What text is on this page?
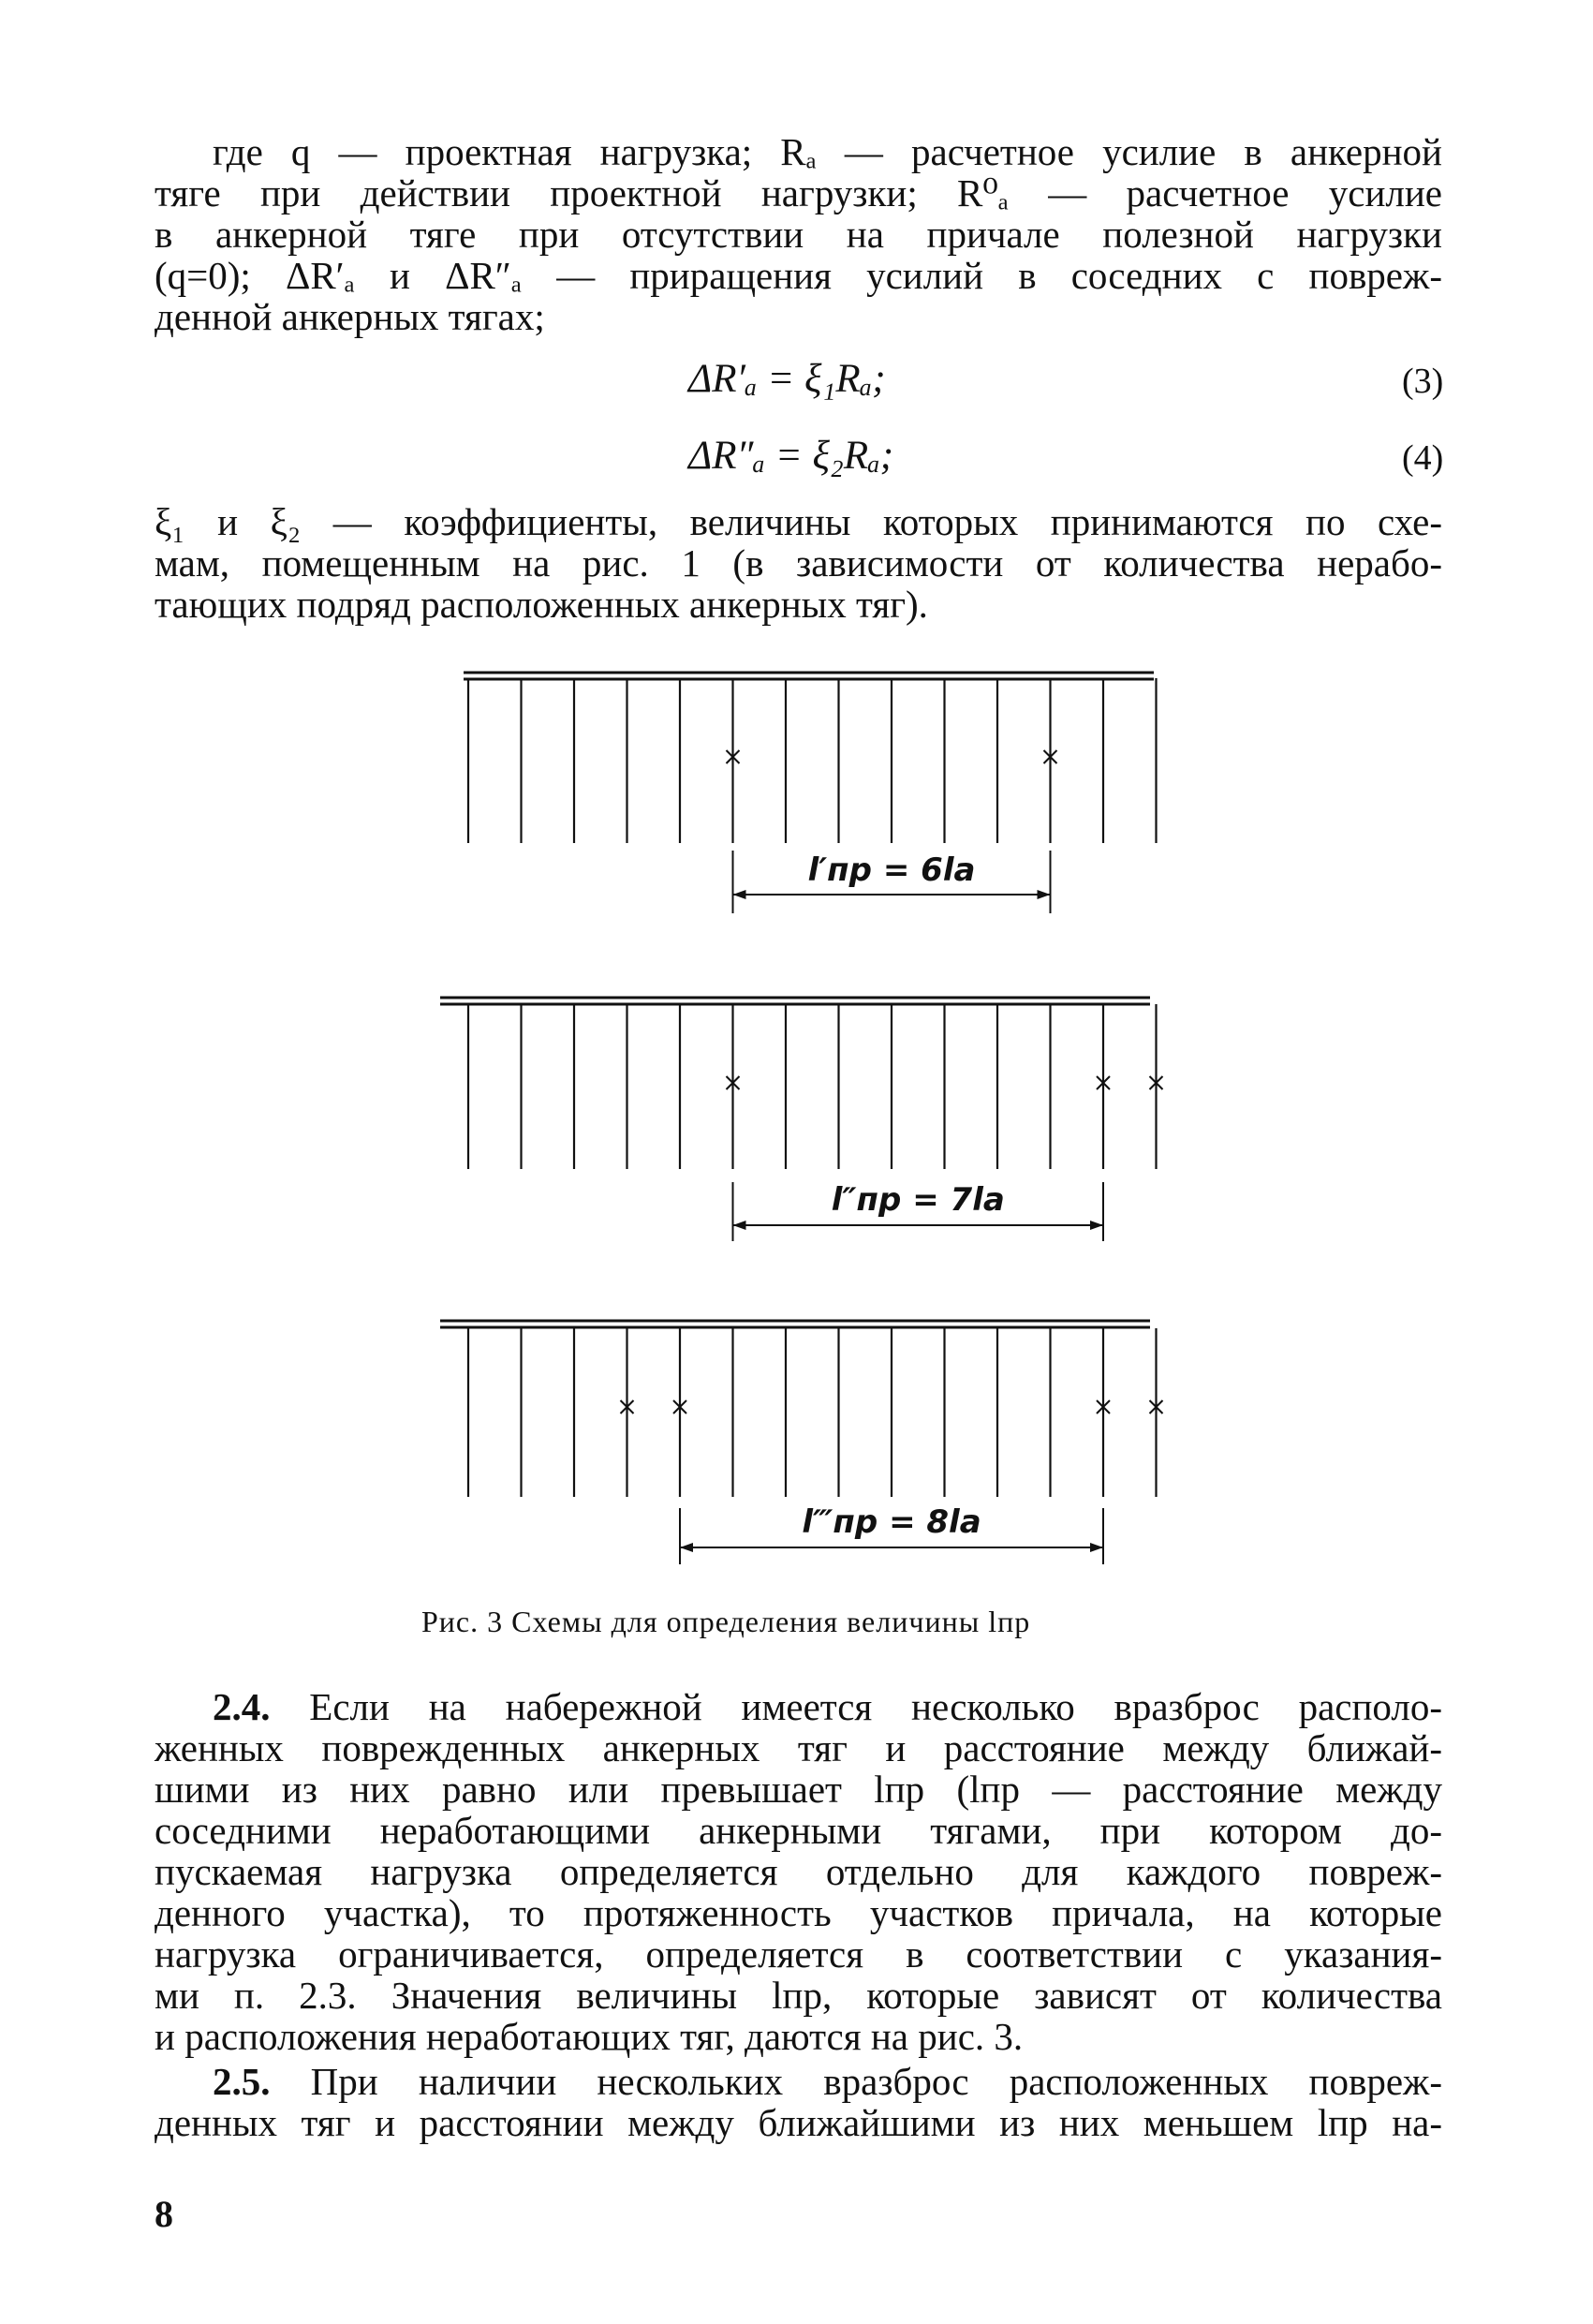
где q — проектная нагрузка; Rₐ — расчетное усилие в анкерной
тяге при действии проектной нагрузки; R⁰ₐ — расчетное усилие
в анкерной тяге при отсутствии на причале полезной нагрузки
(q=0); ΔR′ₐ и ΔR″ₐ — приращения усилий в соседних с повреж-
денной анкерных тягах;
ΔR′ₐ = ξ₁Rₐ;	(3)
ΔR″ₐ = ξ₂Rₐ;	(4)
ξ₁ и ξ₂ — коэффициенты, величины которых принимаются по схе-
мам, помещенным на рис. 1 (в зависимости от количества нерабо-
тающих подряд расположенных анкерных тяг).
l′пр = 6lа
l″пр = 7lа
l‴пр = 8lа
Рис. 3 Схемы для определения величины lпр
2.4. Если на набережной имеется несколько вразброс располо-
женных поврежденных анкерных тяг и расстояние между ближай-
шими из них равно или превышает lпр (lпр — расстояние между
соседними неработающими анкерными тягами, при котором до-
пускаемая нагрузка определяется отдельно для каждого повреж-
денного участка), то протяженность участков причала, на которые
нагрузка ограничивается, определяется в соответствии с указания-
ми п. 2.3. Значения величины lпр, которые зависят от количества
и расположения неработающих тяг, даются на рис. 3.
2.5. При наличии нескольких вразброс расположенных повреж-
денных тяг и расстоянии между ближайшими из них меньшем lпр на-
8
